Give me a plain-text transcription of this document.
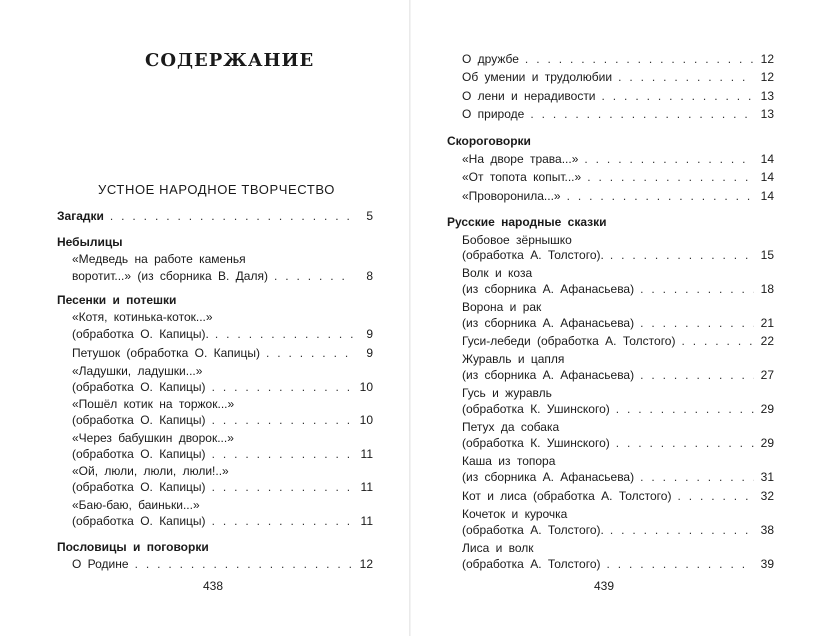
СОДЕРЖАНИЕ
УСТНОЕ НАРОДНОЕ ТВОРЧЕСТВО
Загадки . . .	5
Небылицы
«Медведь на работе каменья
воротит...» (из сборника В. Даля) . . .	8
Песенки и потешки
«Котя, котинька-коток...»
(обработка О. Капицы). . . .	9
Петушок (обработка О. Капицы) . . .	9
«Ладушки, ладушки...»
(обработка О. Капицы) . . .	10
«Пошёл котик на торжок...»
(обработка О. Капицы) . . .	10
«Через бабушкин дворок...»
(обработка О. Капицы) . . .	11
«Ой, люли, люли, люли!..»
(обработка О. Капицы) . . .	11
«Баю-баю, баиньки...»
(обработка О. Капицы) . . .	11
Пословицы и поговорки
О Родине . . .	12
438
О дружбе . . .	12
Об умении и трудолюбии . . .	12
О лени и нерадивости . . .	13
О природе . . .	13
Скороговорки
«На дворе трава...» . . .	14
«От топота копыт...» . . .	14
«Проворонила...» . . .	14
Русские народные сказки
Бобовое зёрнышко
(обработка А. Толстого). . . .	15
Волк и коза
(из сборника А. Афанасьева) . . .	18
Ворона и рак
(из сборника А. Афанасьева) . . .	21
Гуси-лебеди (обработка А. Толстого) . . .	22
Журавль и цапля
(из сборника А. Афанасьева) . . .	27
Гусь и журавль
(обработка К. Ушинского) . . .	29
Петух да собака
(обработка К. Ушинского) . . .	29
Каша из топора
(из сборника А. Афанасьева) . . .	31
Кот и лиса (обработка А. Толстого) . . .	32
Кочеток и курочка
(обработка А. Толстого). . . .	38
Лиса и волк
(обработка А. Толстого) . . .	39
439
